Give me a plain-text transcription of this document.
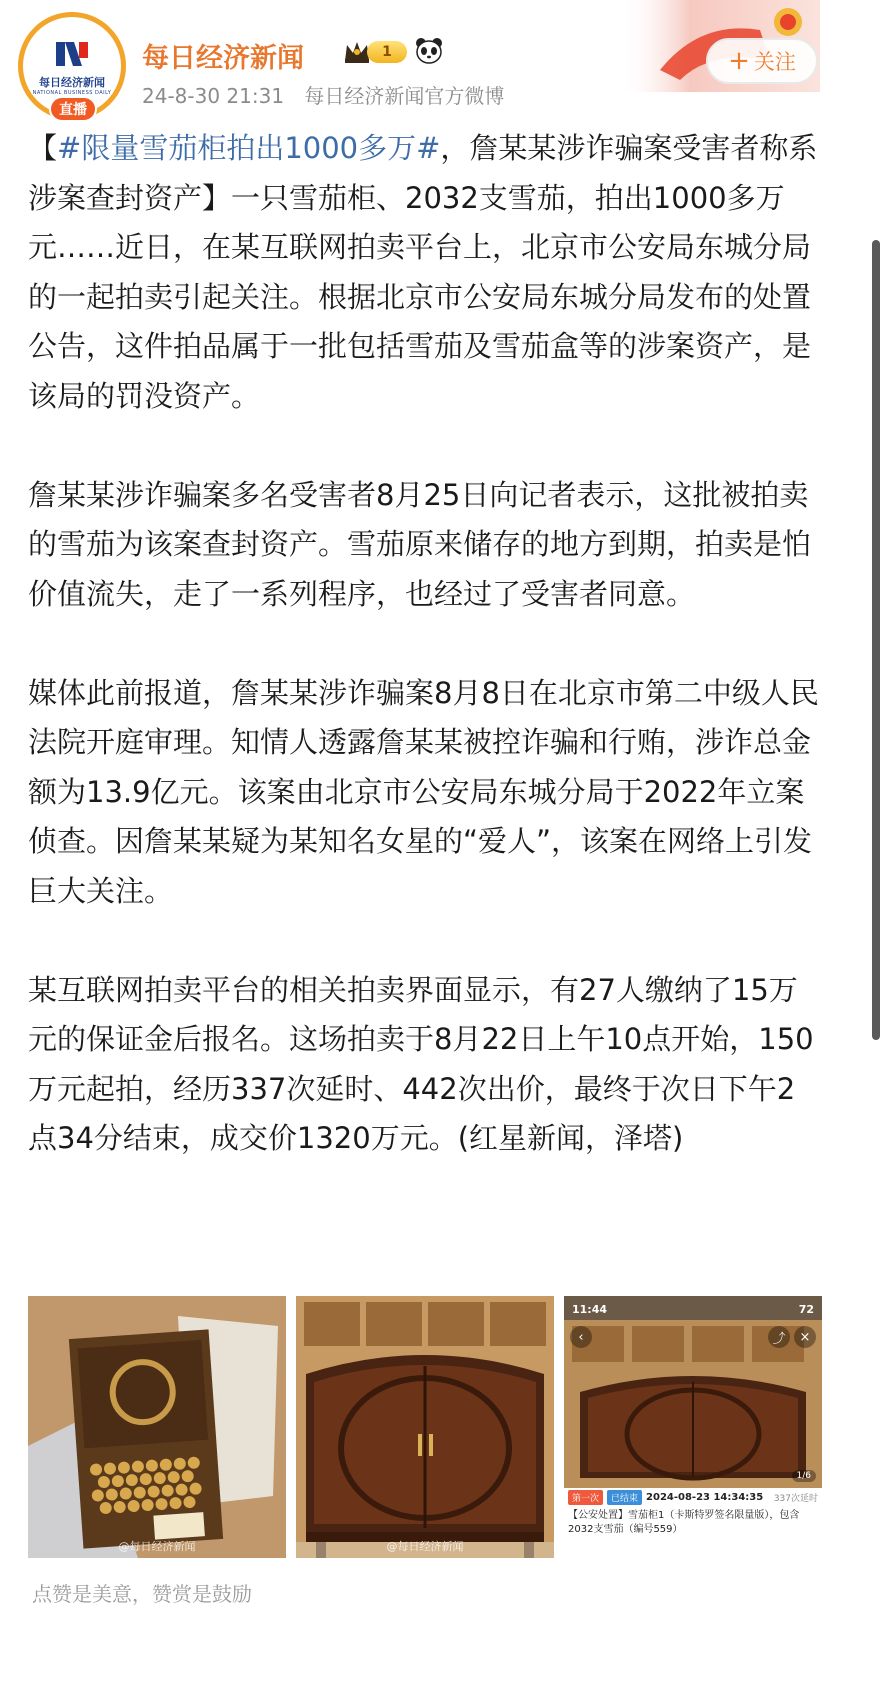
每日经济新闻
NATIONAL BUSINESS DAILY
直播
每日经济新闻	1
24-8-30 21:31 每日经济新闻官方微博
+ 关注

【#限量雪茄柜拍出1000多万#，詹某某涉诈骗案受害者称系涉案查封资产】一只雪茄柜、2032支雪茄，拍出1000多万元……近日，在某互联网拍卖平台上，北京市公安局东城分局的一起拍卖引起关注。根据北京市公安局东城分局发布的处置公告，这件拍品属于一批包括雪茄及雪茄盒等的涉案资产，是该局的罚没资产。

詹某某涉诈骗案多名受害者8月25日向记者表示，这批被拍卖的雪茄为该案查封资产。雪茄原来储存的地方到期，拍卖是怕价值流失，走了一系列程序，也经过了受害者同意。

媒体此前报道，詹某某涉诈骗案8月8日在北京市第二中级人民法院开庭审理。知情人透露詹某某被控诈骗和行贿，涉诈总金额为13.9亿元。该案由北京市公安局东城分局于2022年立案侦查。因詹某某疑为某知名女星的“爱人”，该案在网络上引发巨大关注。

某互联网拍卖平台的相关拍卖界面显示，有27人缴纳了15万元的保证金后报名。这场拍卖于8月22日上午10点开始，150万元起拍，经历337次延时、442次出价，最终于次日下午2点34分结束，成交价1320万元。(红星新闻，泽塔)

@每日经济新闻	@每日经济新闻
11:44	72
‹	⤴	×
1/6
第一次	已结束 2024-08-23 14:34:35 337次延时
【公安处置】雪茄柜1（卡斯特罗签名限量版），包含2032支雪茄（编号559）
点赞是美意，赞赏是鼓励
